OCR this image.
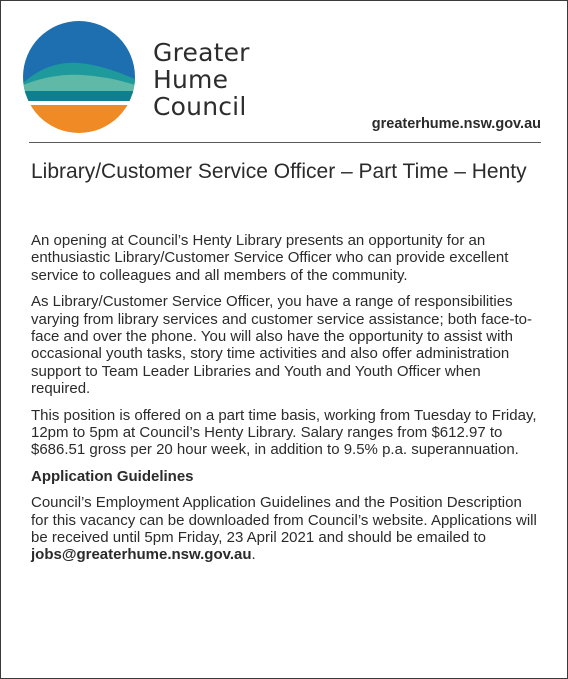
Greater
Hume
Council
greaterhume.nsw.gov.au
Library/Customer Service Officer – Part Time – Henty

An opening at Council’s Henty Library presents an opportunity for an enthusiastic Library/Customer Service Officer who can provide excellent service to colleagues and all members of the community.

As Library/Customer Service Officer, you have a range of responsibilities varying from library services and customer service assistance; both face-to-face and over the phone. You will also have the opportunity to assist with occasional youth tasks, story time activities and also offer administration support to Team Leader Libraries and Youth and Youth Officer when required.

This position is offered on a part time basis, working from Tuesday to Friday, 12pm to 5pm at Council’s Henty Library. Salary ranges from $612.97 to $686.51 gross per 20 hour week, in addition to 9.5% p.a. superannuation.

Application Guidelines

Council’s Employment Application Guidelines and the Position Description for this vacancy can be downloaded from Council’s website. Applications will be received until 5pm Friday, 23 April 2021 and should be emailed to jobs@greaterhume.nsw.gov.au.
